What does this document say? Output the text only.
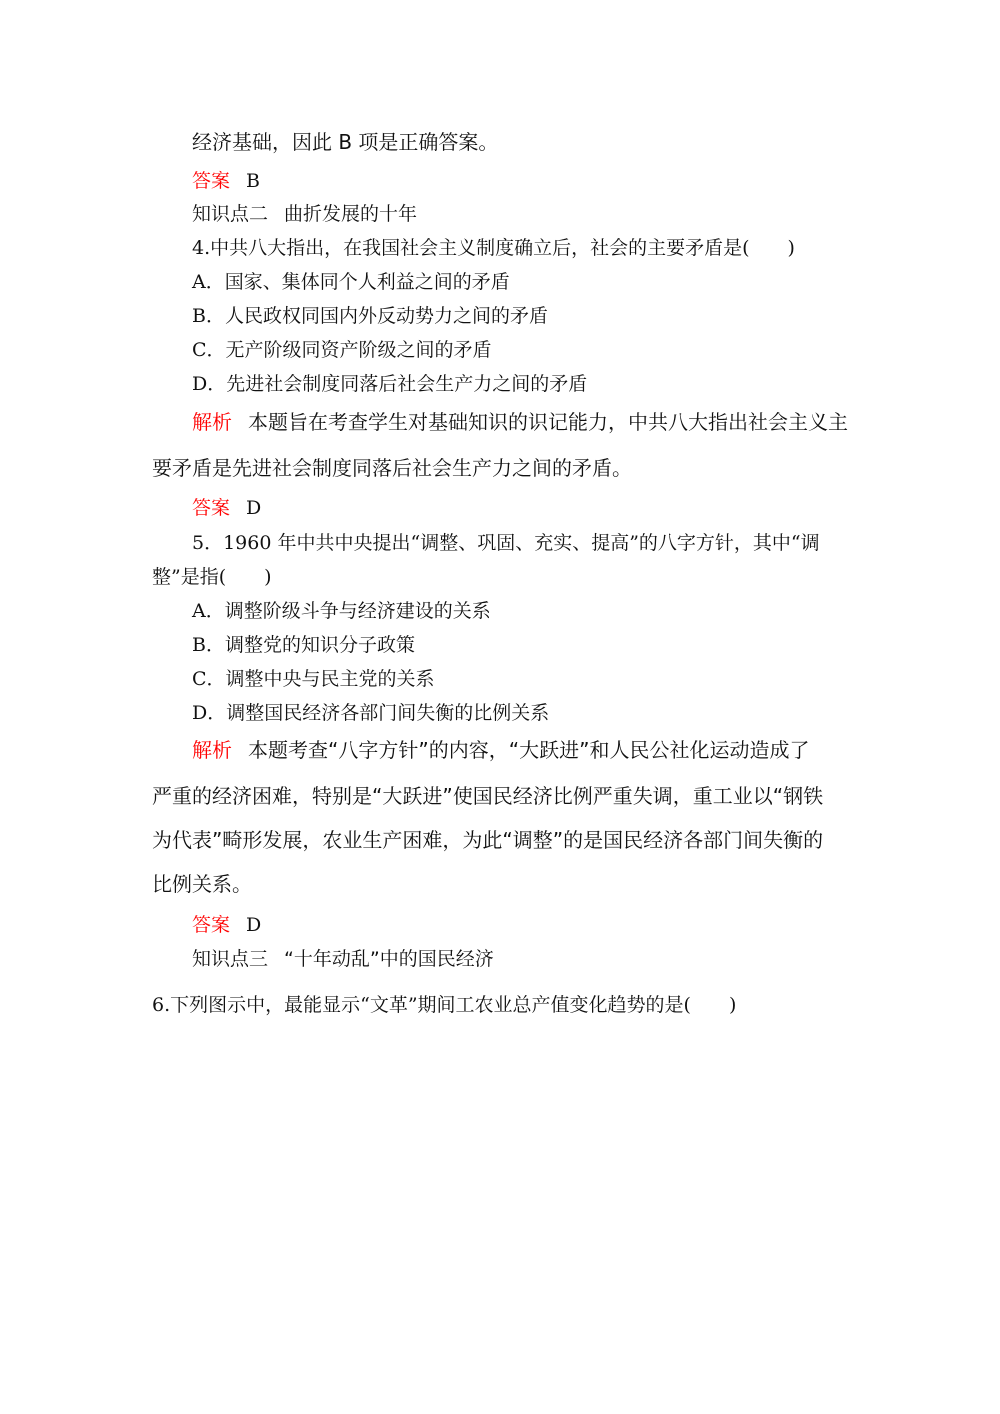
经济基础，因此 B 项是正确答案。
答案 B
知识点二 曲折发展的十年
4.中共八大指出，在我国社会主义制度确立后，社会的主要矛盾是(　　)
A．国家、集体同个人利益之间的矛盾
B．人民政权同国内外反动势力之间的矛盾
C．无产阶级同资产阶级之间的矛盾
D．先进社会制度同落后社会生产力之间的矛盾
解析 本题旨在考查学生对基础知识的识记能力，中共八大指出社会主义主
要矛盾是先进社会制度同落后社会生产力之间的矛盾。
答案 D
5．1960 年中共中央提出“调整、巩固、充实、提高”的八字方针，其中“调
整”是指(　　)
A．调整阶级斗争与经济建设的关系
B．调整党的知识分子政策
C．调整中央与民主党的关系
D．调整国民经济各部门间失衡的比例关系
解析 本题考查“八字方针”的内容，“大跃进”和人民公社化运动造成了
严重的经济困难，特别是“大跃进”使国民经济比例严重失调，重工业以“钢铁
为代表”畸形发展，农业生产困难，为此“调整”的是国民经济各部门间失衡的
比例关系。
答案 D
知识点三 “十年动乱”中的国民经济
6.下列图示中，最能显示“文革”期间工农业总产值变化趋势的是(　　)
